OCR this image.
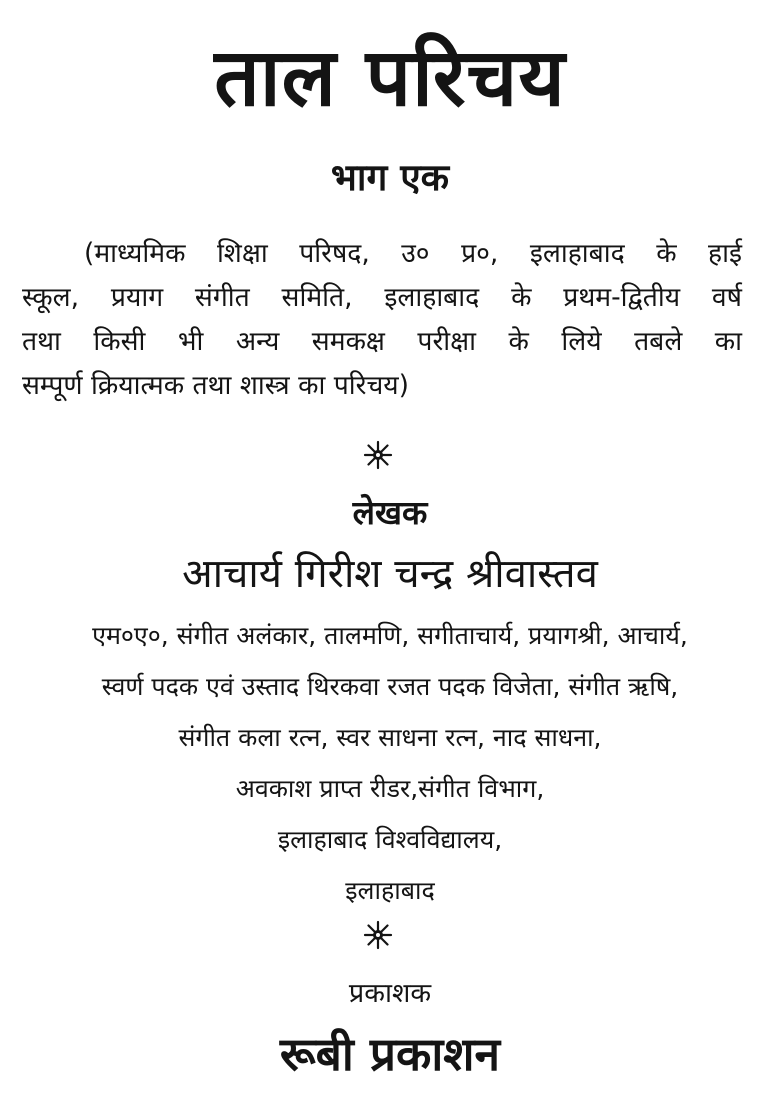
ताल परिचय
भाग एक
(माध्यमिक शिक्षा परिषद, उ० प्र०, इलाहाबाद के हाई
स्कूल, प्रयाग संगीत समिति, इलाहाबाद के प्रथम-द्वितीय वर्ष
तथा किसी भी अन्य समकक्ष परीक्षा के लिये तबले का
सम्पूर्ण क्रियात्मक तथा शास्त्र का परिचय)
लेखक
आचार्य गिरीश चन्द्र श्रीवास्तव
एम०ए०, संगीत अलंकार, तालमणि, सगीताचार्य, प्रयागश्री, आचार्य,
स्वर्ण पदक एवं उस्ताद थिरकवा रजत पदक विजेता, संगीत ऋषि,
संगीत कला रत्न, स्वर साधना रत्न, नाद साधना,
अवकाश प्राप्त रीडर,संगीत विभाग,
इलाहाबाद विश्वविद्यालय,
इलाहाबाद
प्रकाशक
रूबी प्रकाशन
